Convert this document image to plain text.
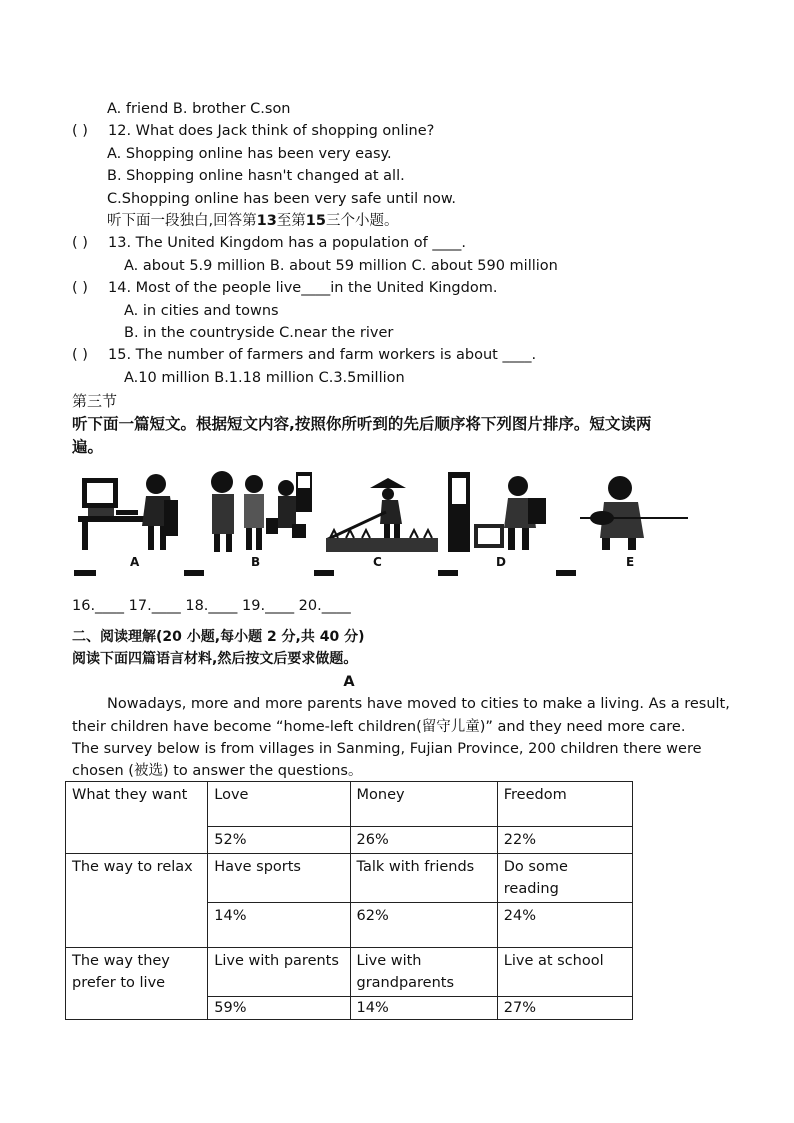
A. friend B. brother C.son
( ) 12. What does Jack think of shopping online?
A. Shopping online has been very easy.
B. Shopping online hasn't changed at all.
C.Shopping online has been very safe until now.
听下面一段独白,回答第13至第15三个小题。
( ) 13. The United Kingdom has a population of ____.
A. about 5.9 million B. about 59 million C. about 590 million
( ) 14. Most of the people live____in the United Kingdom.
A. in cities and towns
B. in the countryside C.near the river
( ) 15. The number of farmers and farm workers is about ____.
A.10 million B.1.18 million C.3.5million
第三节
听下面一篇短文。根据短文内容,按照你所听到的先后顺序将下列图片排序。短文读两
遍。
A	B	C	D	E
16.____ 17.____ 18.____ 19.____ 20.____
二、阅读理解(20 小题,每小题 2 分,共 40 分)
阅读下面四篇语言材料,然后按文后要求做题。
A
Nowadays, more and more parents have moved to cities to make a living. As a result,
their children have become “home-left children(留守儿童)” and they need more care.
The survey below is from villages in Sanming, Fujian Province, 200 children there were
chosen (被选) to answer the questions。
What they want	Love	Money	Freedom
	52%	26%	22%
The way to relax	Have sports	Talk with friends	Do some reading
	14%	62%	24%
The way they prefer to live	Live with parents	Live with grandparents	Live at school
	59%	14%	27%
